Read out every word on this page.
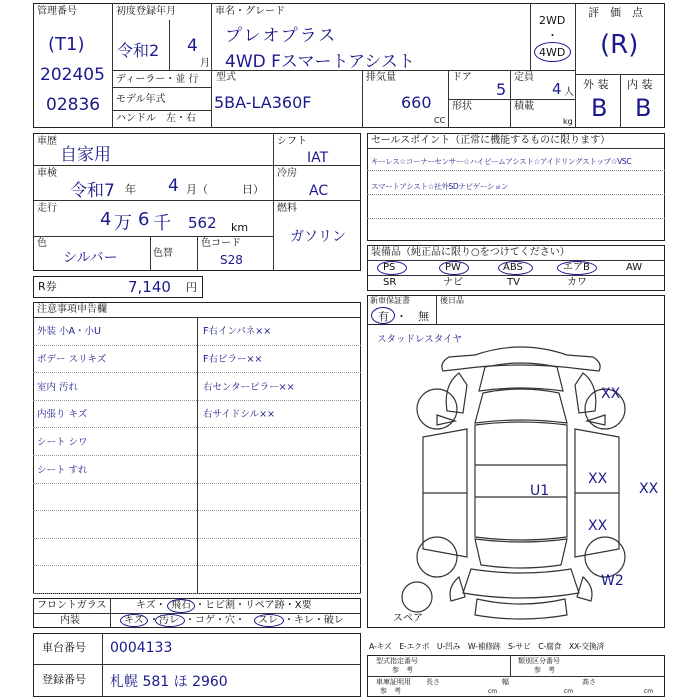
管理番号
(T1)
202405
02836
初度登録年月
令和2 4
月
車名・グレード
プレオプラス
4WD Fスマートアシスト
2WD
・
4WD
評　価　点
(R)
ディーラー・並 行
モデル年式
ハンドル　左・右
型式
5BA-LA360F
排気量
660
CC
ドア
5
形状
定員
4 人
積載
kg
外 装 内 装
B B
車歴
自家用
車検
令和7 年 4 月（	日）
走行
4 万 6 千 562 km
色
シルバー	色替
色コード
S28
シフト
IAT
冷房
AC
燃料
ガソリン
R券	7,140 円
セールスポイント（正常に機能するものに限ります）
キーレス☆コーナーセンサー☆ハイビームアシスト☆アイドリングストップ☆VSC
スマートアシスト☆社外SDナビゲーション
装備品（純正品に限り○をつけてください）
PS	PW	ABS	エアB	AW
SR	ナビ	TV	カワ
新車保証書
有 ・ 無
後日品
注意事項申告欄
外装 小A・小U
ボデー スリキズ
室内 汚れ
内張り キズ
シート シワ
シート すれ
F右インパネ××
F右ピラー××
右センターピラー××
右サイドシル××
スタッドレスタイヤ
XX
XX
XX
XX
U1
W2
スペア
フロントガラス
内装
キズ・ 飛石 ・ヒビ割・リペア跡・X要
キズ ・ 汚レ ・コゲ・穴・ スレ ・キレ・破レ
車台番号 0004133
登録番号 札幌 581 ほ 2960
A-キズ　E-エクボ　U-凹み　W-補修跡　S-サビ　C-腐食　XX-交換済
型式指定番号
参　考
類別区分番号
参　考
車庫証明用
参　考
長さ
cm
幅
cm
高さ
cm
